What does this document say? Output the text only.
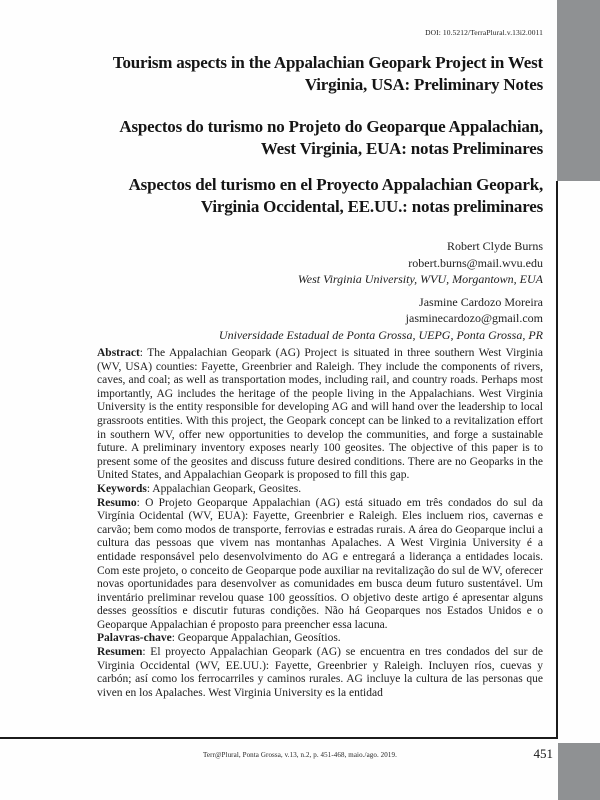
DOI: 10.5212/TerraPlural.v.13i2.0011
Tourism aspects in the Appalachian Geopark Project in West
Virginia, USA: Preliminary Notes
Aspectos do turismo no Projeto do Geoparque Appalachian,
West Virginia, EUA: notas Preliminares
Aspectos del turismo en el Proyecto Appalachian Geopark,
Virginia Occidental, EE.UU.: notas preliminares
Robert Clyde Burns
robert.burns@mail.wvu.edu
West Virginia University, WVU, Morgantown, EUA
Jasmine Cardozo Moreira
jasminecardozo@gmail.com
Universidade Estadual de Ponta Grossa, UEPG, Ponta Grossa, PR

Abstract: The Appalachian Geopark (AG) Project is situated in three southern West Virginia (WV, USA) counties: Fayette, Greenbrier and Raleigh. They include the components of rivers, caves, and coal; as well as transportation modes, including rail, and country roads. Perhaps most importantly, AG includes the heritage of the people living in the Appalachians. West Virginia University is the entity responsible for developing AG and will hand over the leadership to local grassroots entities. With this project, the Geopark concept can be linked to a revitalization effort in southern WV, offer new opportunities to develop the communities, and forge a sustainable future. A preliminary inventory exposes nearly 100 geosites. The objective of this paper is to present some of the geosites and discuss future desired conditions. There are no Geoparks in the United States, and Appalachian Geopark is proposed to fill this gap.

Keywords: Appalachian Geopark, Geosites.

Resumo: O Projeto Geoparque Appalachian (AG) está situado em três condados do sul da Virgínia Ocidental (WV, EUA): Fayette, Greenbrier e Raleigh. Eles incluem rios, cavernas e carvão; bem como modos de transporte, ferrovias e estradas rurais. A área do Geoparque inclui a cultura das pessoas que vivem nas montanhas Apalaches. A West Virginia University é a entidade responsável pelo desenvolvimento do AG e entregará a liderança a entidades locais. Com este projeto, o conceito de Geoparque pode auxiliar na revitalização do sul de WV, oferecer novas oportunidades para desenvolver as comunidades em busca deum futuro sustentável. Um inventário preliminar revelou quase 100 geossítios. O objetivo deste artigo é apresentar alguns desses geossítios e discutir futuras condições. Não há Geoparques nos Estados Unidos e o Geoparque Appalachian é proposto para preencher essa lacuna.

Palavras-chave: Geoparque Appalachian, Geosítios.

Resumen: El proyecto Appalachian Geopark (AG) se encuentra en tres condados del sur de Virginia Occidental (WV, EE.UU.): Fayette, Greenbrier y Raleigh. Incluyen ríos, cuevas y carbón; así como los ferrocarriles y caminos rurales. AG incluye la cultura de las personas que viven en los Apalaches. West Virginia University es la entidad

Terr@Plural, Ponta Grossa, v.13, n.2, p. 451-468, maio./ago. 2019.	451
